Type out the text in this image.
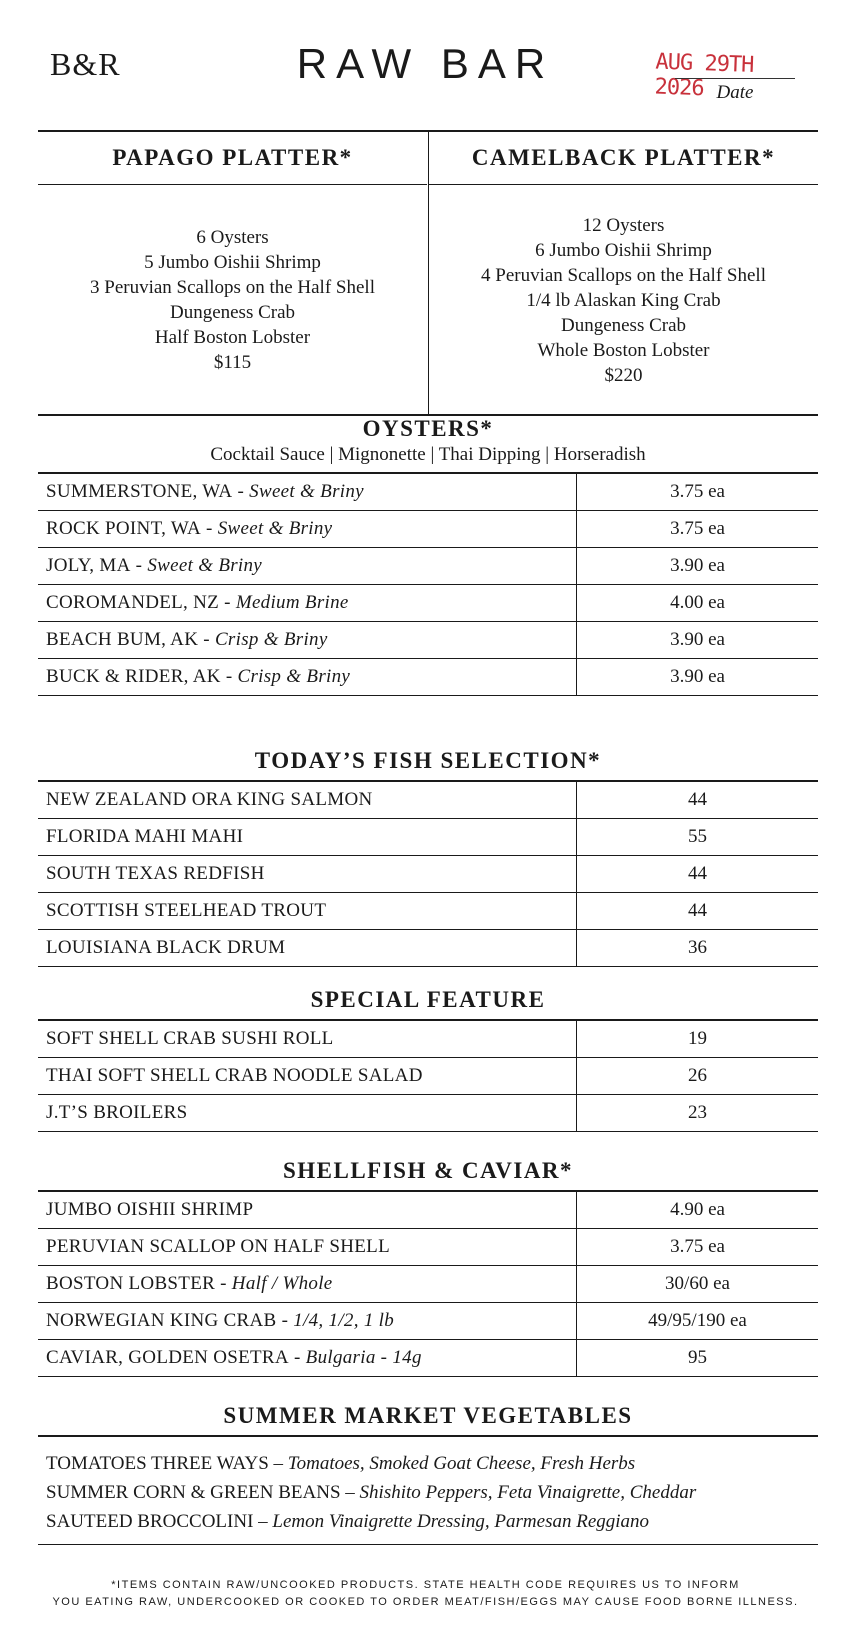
B&R	RAW BAR	AUG 29TH 2026 Date
PAPAGO PLATTER*
6 Oysters
5 Jumbo Oishii Shrimp
3 Peruvian Scallops on the Half Shell
Dungeness Crab
Half Boston Lobster
$115
CAMELBACK PLATTER*
12 Oysters
6 Jumbo Oishii Shrimp
4 Peruvian Scallops on the Half Shell
1/4 lb Alaskan King Crab
Dungeness Crab
Whole Boston Lobster
$220
OYSTERS*
Cocktail Sauce | Mignonette | Thai Dipping | Horseradish
SUMMERSTONE, WA - Sweet & Briny	3.75 ea
ROCK POINT, WA - Sweet & Briny	3.75 ea
JOLY, MA - Sweet & Briny	3.90 ea
COROMANDEL, NZ - Medium Brine	4.00 ea
BEACH BUM, AK - Crisp & Briny	3.90 ea
BUCK & RIDER, AK - Crisp & Briny	3.90 ea
TODAY’S FISH SELECTION*
NEW ZEALAND ORA KING SALMON	44
FLORIDA MAHI MAHI	55
SOUTH TEXAS REDFISH	44
SCOTTISH STEELHEAD TROUT	44
LOUISIANA BLACK DRUM	36
SPECIAL FEATURE
SOFT SHELL CRAB SUSHI ROLL	19
THAI SOFT SHELL CRAB NOODLE SALAD	26
J.T’S BROILERS	23
SHELLFISH & CAVIAR*
JUMBO OISHII SHRIMP	4.90 ea
PERUVIAN SCALLOP ON HALF SHELL	3.75 ea
BOSTON LOBSTER - Half / Whole	30/60 ea
NORWEGIAN KING CRAB - 1/4, 1/2, 1 lb	49/95/190 ea
CAVIAR, GOLDEN OSETRA - Bulgaria - 14g	95
SUMMER MARKET VEGETABLES
TOMATOES THREE WAYS – Tomatoes, Smoked Goat Cheese, Fresh Herbs
SUMMER CORN & GREEN BEANS – Shishito Peppers, Feta Vinaigrette, Cheddar
SAUTEED BROCCOLINI – Lemon Vinaigrette Dressing, Parmesan Reggiano
*ITEMS CONTAIN RAW/UNCOOKED PRODUCTS. STATE HEALTH CODE REQUIRES US TO INFORM
YOU EATING RAW, UNDERCOOKED OR COOKED TO ORDER MEAT/FISH/EGGS MAY CAUSE FOOD BORNE ILLNESS.
